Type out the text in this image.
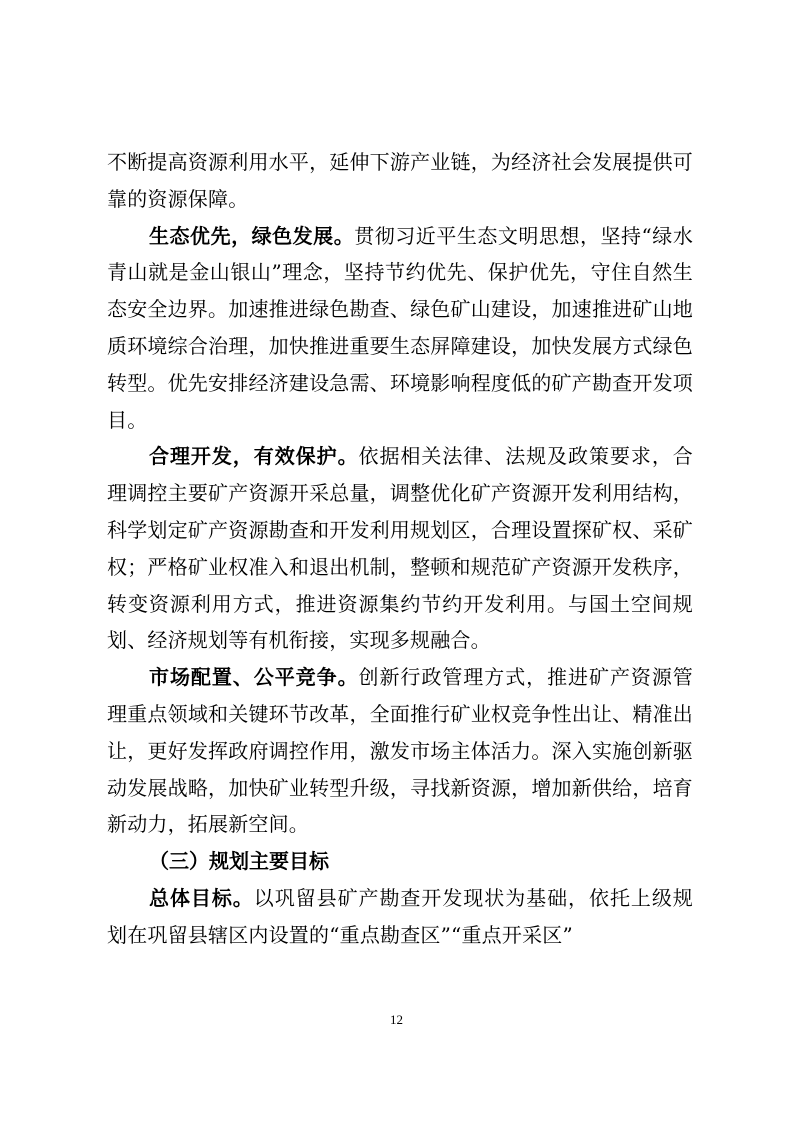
不断提高资源利用水平，延伸下游产业链，为经济社会发展提供可靠的资源保障。

生态优先，绿色发展。贯彻习近平生态文明思想，坚持“绿水青山就是金山银山”理念，坚持节约优先、保护优先，守住自然生态安全边界。加速推进绿色勘查、绿色矿山建设，加速推进矿山地质环境综合治理，加快推进重要生态屏障建设，加快发展方式绿色转型。优先安排经济建设急需、环境影响程度低的矿产勘查开发项目。

合理开发，有效保护。依据相关法律、法规及政策要求，合理调控主要矿产资源开采总量，调整优化矿产资源开发利用结构，科学划定矿产资源勘查和开发利用规划区，合理设置探矿权、采矿权；严格矿业权准入和退出机制，整顿和规范矿产资源开发秩序，转变资源利用方式，推进资源集约节约开发利用。与国土空间规划、经济规划等有机衔接，实现多规融合。

市场配置、公平竞争。创新行政管理方式，推进矿产资源管理重点领域和关键环节改革，全面推行矿业权竞争性出让、精准出让，更好发挥政府调控作用，激发市场主体活力。深入实施创新驱动发展战略，加快矿业转型升级，寻找新资源，增加新供给，培育新动力，拓展新空间。

（三）规划主要目标

总体目标。以巩留县矿产勘查开发现状为基础，依托上级规划在巩留县辖区内设置的“重点勘查区”“重点开采区”

12
